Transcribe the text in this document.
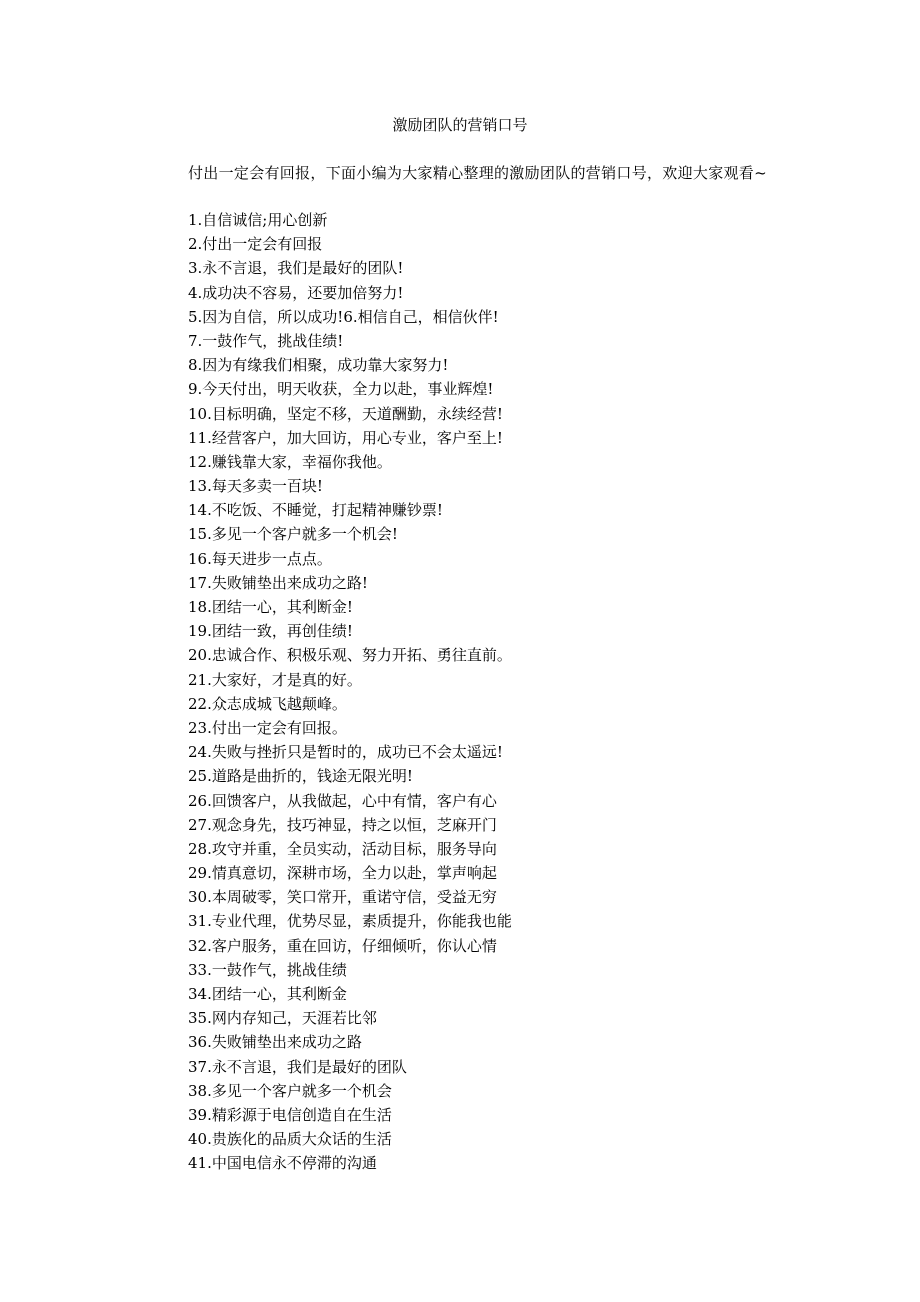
激励团队的营销口号
付出一定会有回报，下面小编为大家精心整理的激励团队的营销口号，欢迎大家观看~
1.自信诚信;用心创新
2.付出一定会有回报
3.永不言退，我们是最好的团队!
4.成功决不容易，还要加倍努力!
5.因为自信，所以成功!6.相信自己，相信伙伴!
7.一鼓作气，挑战佳绩!
8.因为有缘我们相聚，成功靠大家努力!
9.今天付出，明天收获，全力以赴，事业辉煌!
10.目标明确，坚定不移，天道酬勤，永续经营!
11.经营客户，加大回访，用心专业，客户至上!
12.赚钱靠大家，幸福你我他。
13.每天多卖一百块!
14.不吃饭、不睡觉，打起精神赚钞票!
15.多见一个客户就多一个机会!
16.每天进步一点点。
17.失败铺垫出来成功之路!
18.团结一心，其利断金!
19.团结一致，再创佳绩!
20.忠诚合作、积极乐观、努力开拓、勇往直前。
21.大家好，才是真的好。
22.众志成城飞越颠峰。
23.付出一定会有回报。
24.失败与挫折只是暂时的，成功已不会太遥远!
25.道路是曲折的，钱途无限光明!
26.回馈客户，从我做起，心中有情，客户有心
27.观念身先，技巧神显，持之以恒，芝麻开门
28.攻守并重，全员实动，活动目标，服务导向
29.情真意切，深耕市场，全力以赴，掌声响起
30.本周破零，笑口常开，重诺守信，受益无穷
31.专业代理，优势尽显，素质提升，你能我也能
32.客户服务，重在回访，仔细倾听，你认心情
33.一鼓作气，挑战佳绩
34.团结一心，其利断金
35.网内存知己，天涯若比邻
36.失败铺垫出来成功之路
37.永不言退，我们是最好的团队
38.多见一个客户就多一个机会
39.精彩源于电信创造自在生活
40.贵族化的品质大众话的生活
41.中国电信永不停滞的沟通
